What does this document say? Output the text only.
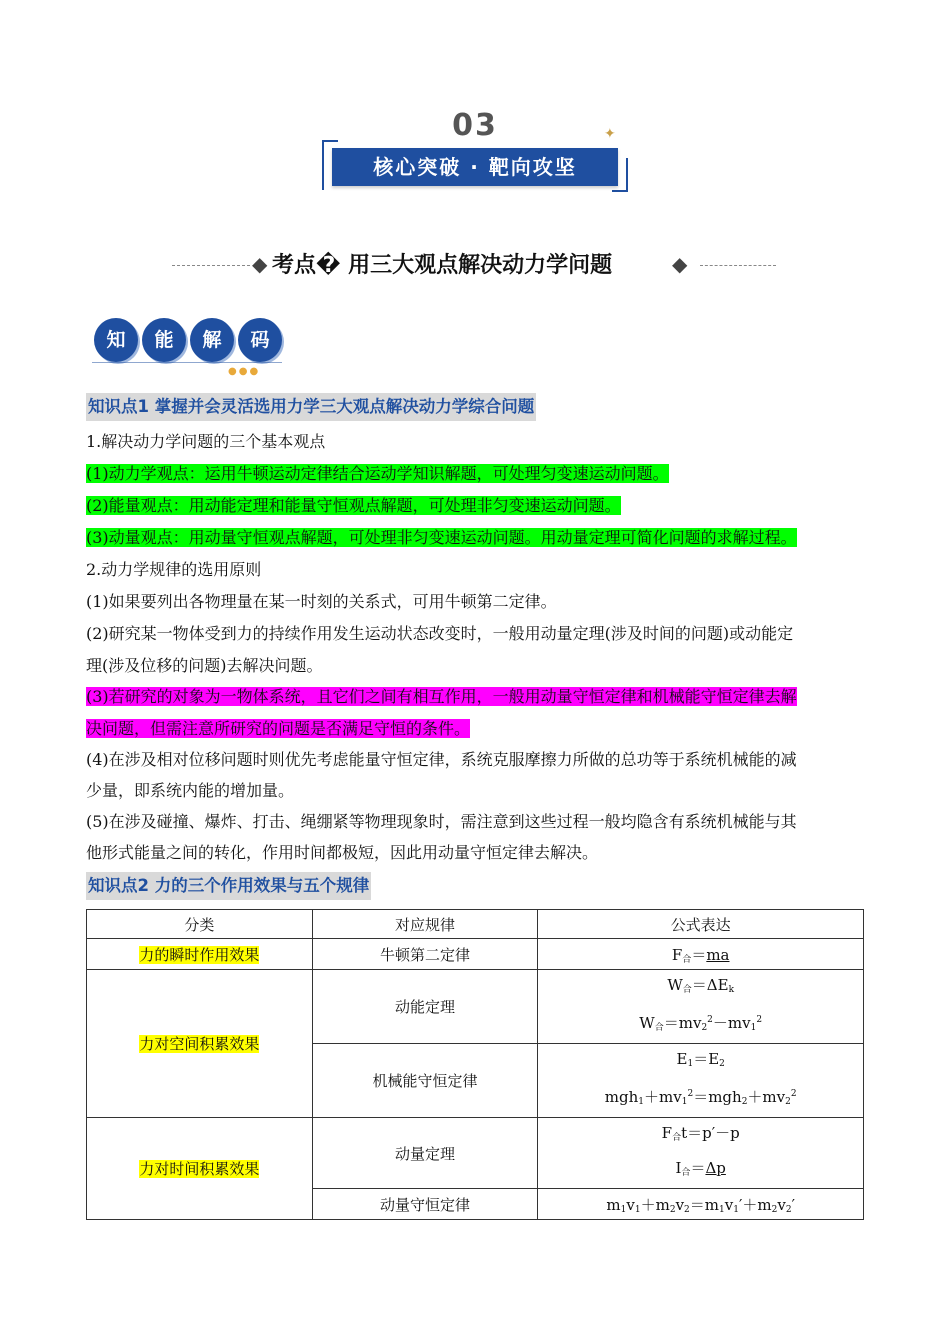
03	✦
核心突破 · 靶向攻坚
◆ 考点� 用三大观点解决动力学问题	◆
知	能	解	码
●●●
知识点1 掌握并会灵活选用力学三大观点解决动力学综合问题
1.解决动力学问题的三个基本观点
(1)动力学观点：运用牛顿运动定律结合运动学知识解题，可处理匀变速运动问题。
(2)能量观点：用动能定理和能量守恒观点解题，可处理非匀变速运动问题。
(3)动量观点：用动量守恒观点解题，可处理非匀变速运动问题。用动量定理可简化问题的求解过程。
2.动力学规律的选用原则
(1)如果要列出各物理量在某一时刻的关系式，可用牛顿第二定律。
(2)研究某一物体受到力的持续作用发生运动状态改变时，一般用动量定理(涉及时间的问题)或动能定
理(涉及位移的问题)去解决问题。
(3)若研究的对象为一物体系统，且它们之间有相互作用，一般用动量守恒定律和机械能守恒定律去解
决问题，但需注意所研究的问题是否满足守恒的条件。
(4)在涉及相对位移问题时则优先考虑能量守恒定律，系统克服摩擦力所做的总功等于系统机械能的减
少量，即系统内能的增加量。
(5)在涉及碰撞、爆炸、打击、绳绷紧等物理现象时，需注意到这些过程一般均隐含有系统机械能与其
他形式能量之间的转化，作用时间都极短，因此用动量守恒定律去解决。
知识点2 力的三个作用效果与五个规律
分类	对应规律	公式表达
力的瞬时作用效果	牛顿第二定律	$F_合=ma$
力对空间积累效果	动能定理	$W_合=\Delta E_k$
$W_合=mv_2^2-mv_1^2$

	机械能守恒定律	$E_1=E_2$
$mgh_1+mv_1^2=mgh_2+mv_2^2$

力对时间积累效果	动量定理	$F_合t=p'-p$
$I_合=\Delta p$

	动量守恒定律	$m_1v_1+m_2v_2=m_1v_1'+m_2v_2'$
